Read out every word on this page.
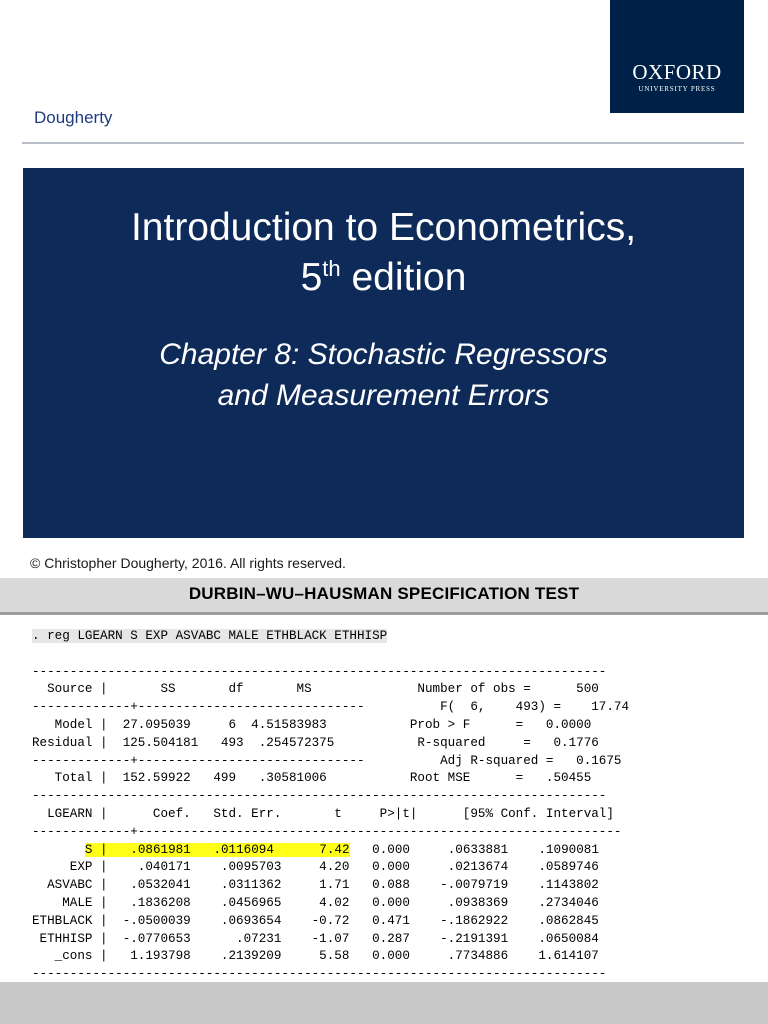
OXFORD
UNIVERSITY PRESS
Dougherty
Introduction to Econometrics,
5th edition
Chapter 8: Stochastic Regressors
and Measurement Errors
© Christopher Dougherty, 2016. All rights reserved.
DURBIN–WU–HAUSMAN SPECIFICATION TEST
. reg LGEARN S EXP ASVABC MALE ETHBLACK ETHHISP
----------------------------------------------------------------------------
Source |       SS       df       MS              Number of obs =      500
-------------+------------------------------          F(  6,    493) =    17.74
Model |  27.095039     6  4.51583983           Prob > F      =   0.0000
Residual |  125.504181   493  .254572375           R-squared     =   0.1776
-------------+------------------------------          Adj R-squared =   0.1675
Total |  152.59922   499   .30581006           Root MSE      =   .50455
----------------------------------------------------------------------------
LGEARN |      Coef.   Std. Err.       t     P>|t|      [95% Conf. Interval]
-------------+----------------------------------------------------------------
S | .0861981 .0116094	7.42   0.000     .0633881    .1090081
EXP |    .040171    .0095703     4.20   0.000     .0213674    .0589746
ASVABC |   .0532041    .0311362     1.71   0.088    -.0079719    .1143802
MALE |   .1836208    .0456965     4.02   0.000     .0938369    .2734046
ETHBLACK |  -.0500039    .0693654    -0.72   0.471    -.1862922    .0862845
ETHHISP |  -.0770653      .07231    -1.07   0.287    -.2191391    .0650084
_cons |   1.193798    .2139209     5.58   0.000     .7734886    1.614107
----------------------------------------------------------------------------
